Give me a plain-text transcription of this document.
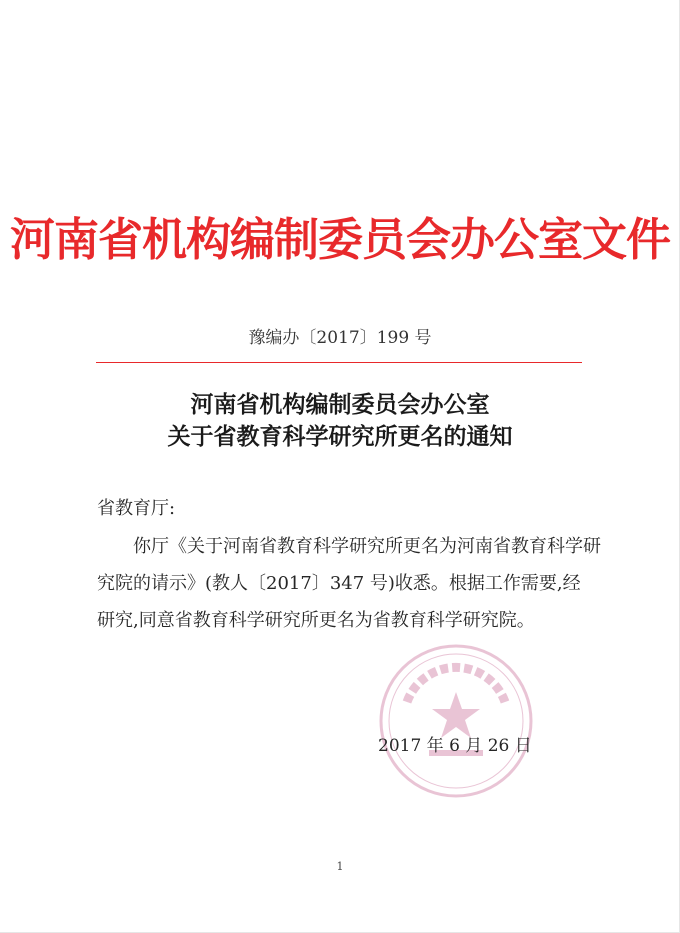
河南省机构编制委员会办公室文件
豫编办〔2017〕199 号
河南省机构编制委员会办公室
关于省教育科学研究所更名的通知
省教育厅:
你厅《关于河南省教育科学研究所更名为河南省教育科学研
究院的请示》(教人〔2017〕347 号)收悉。根据工作需要,经
研究,同意省教育科学研究所更名为省教育科学研究院。
2017 年 6 月 26 日
1
